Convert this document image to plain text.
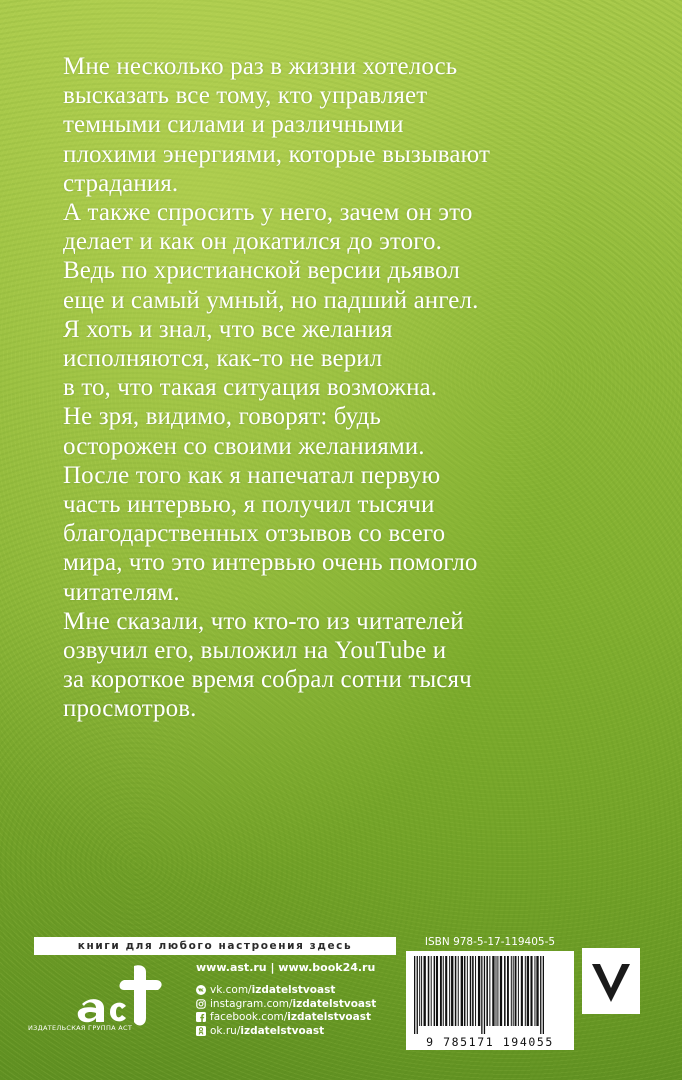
Мне несколько раз в жизни хотелось

высказать все тому, кто управляет

темными силами и различными

плохими энергиями, которые вызывают

страдания.

А также спросить у него, зачем он это

делает и как он докатился до этого.

Ведь по христианской версии дьявол

еще и самый умный, но падший ангел.

Я хоть и знал, что все желания

исполняются, как-то не верил

в то, что такая ситуация возможна.

Не зря, видимо, говорят: будь

осторожен со своими желаниями.

После того как я напечатал первую

часть интервью, я получил тысячи

благодарственных отзывов со всего

мира, что это интервью очень помогло

читателям.

Мне сказали, что кто-то из читателей

озвучил его, выложил на YouTube и

за короткое время собрал сотни тысяч

просмотров.

книги для любого настроения здесь
ИЗДАТЕЛЬСКАЯ ГРУППА АСТ
www.ast.ru | www.book24.ru
vk.com/ izdatelstvoast
instagram.com/ izdatelstvoast
facebook.com/ izdatelstvoast
ok.ru/ izdatelstvoast
ISBN 978-5-17-119405-5
9 785171 194055
